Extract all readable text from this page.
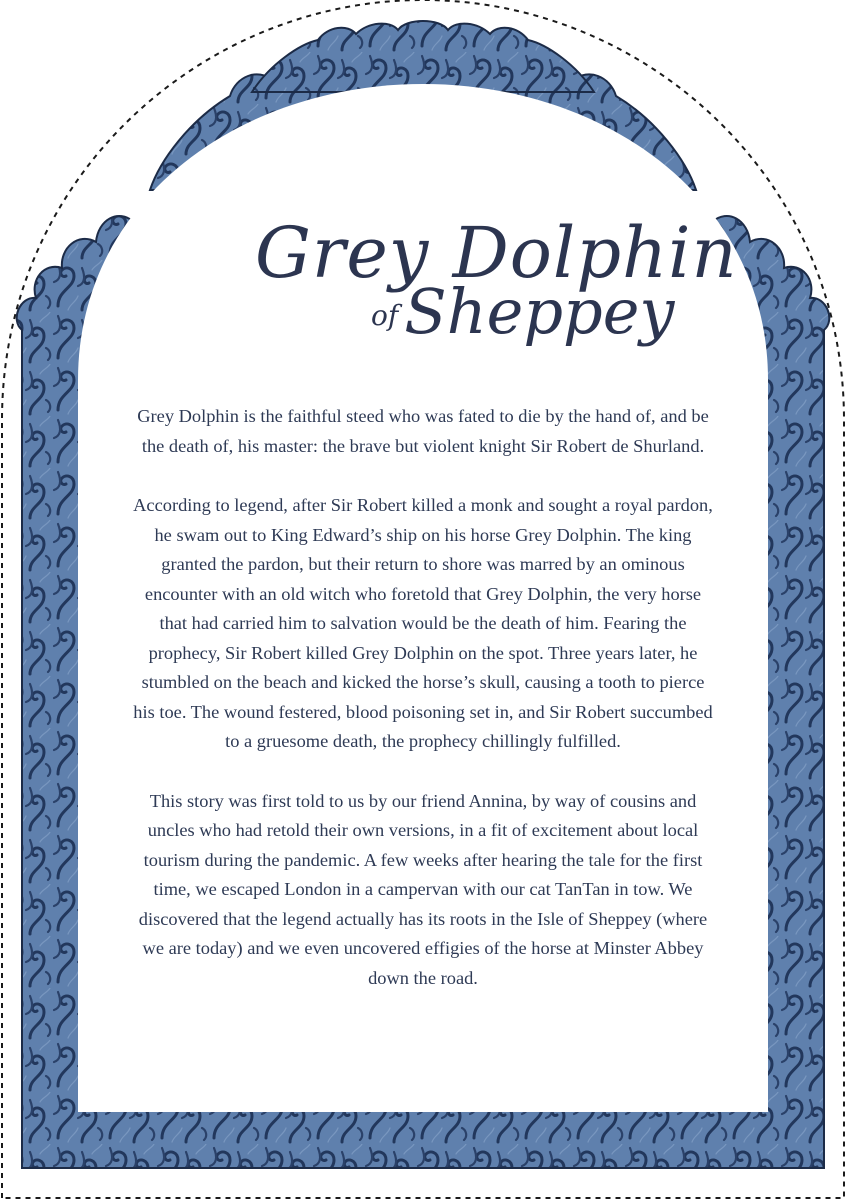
Grey Dolphin
ofSheppey

Grey Dolphin is the faithful steed who was fated to die by the hand of, and be the death of, his master: the brave but violent knight Sir Robert de Shurland.

According to legend, after Sir Robert killed a monk and sought a royal pardon, he swam out to King Edward’s ship on his horse Grey Dolphin. The king granted the pardon, but their return to shore was marred by an ominous encounter with an old witch who foretold that Grey Dolphin, the very horse that had carried him to salvation would be the death of him. Fearing the prophecy, Sir Robert killed Grey Dolphin on the spot. Three years later, he stumbled on the beach and kicked the horse’s skull, causing a tooth to pierce his toe. The wound festered, blood poisoning set in, and Sir Robert succumbed to a gruesome death, the prophecy chillingly fulfilled.

This story was first told to us by our friend Annina, by way of cousins and uncles who had retold their own versions, in a fit of excitement about local tourism during the pandemic. A few weeks after hearing the tale for the first time, we escaped London in a campervan with our cat TanTan in tow. We discovered that the legend actually has its roots in the Isle of Sheppey (where we are today) and we even uncovered effigies of the horse at Minster Abbey down the road.
